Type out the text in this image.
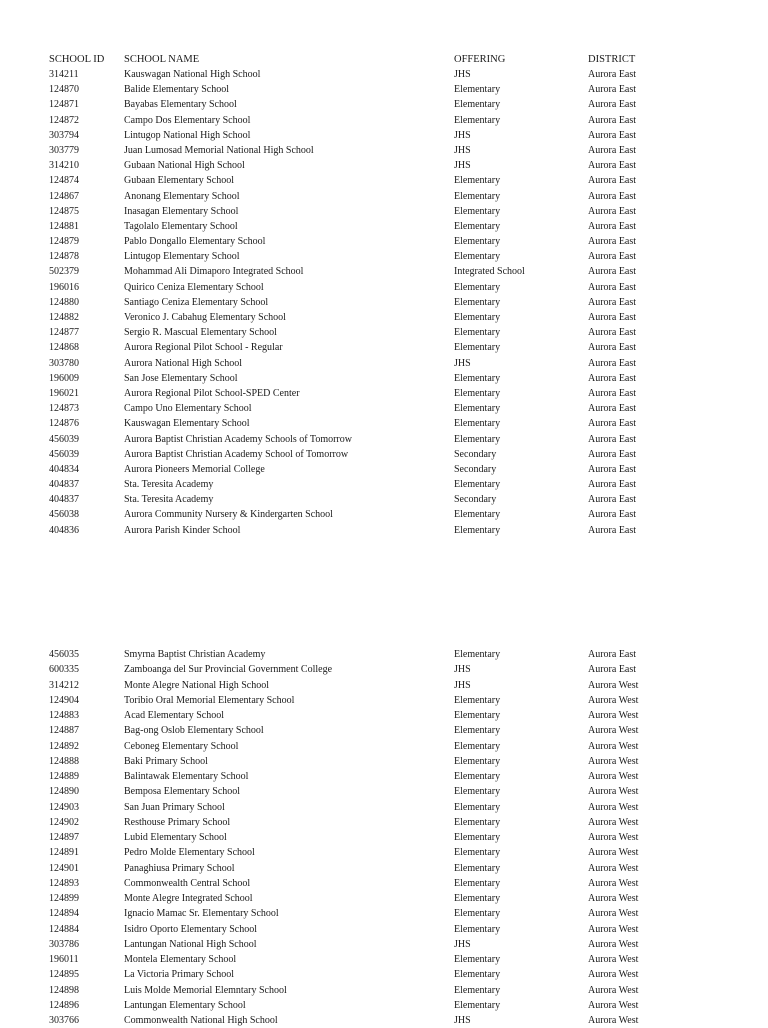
SCHOOL ID	SCHOOL NAME	OFFERING	DISTRICT
314211	Kauswagan National High School	JHS	Aurora East
124870	Balide Elementary School	Elementary	Aurora East
124871	Bayabas Elementary School	Elementary	Aurora East
124872	Campo Dos Elementary School	Elementary	Aurora East
303794	Lintugop National High School	JHS	Aurora East
303779	Juan Lumosad Memorial National High School	JHS	Aurora East
314210	Gubaan National High School	JHS	Aurora East
124874	Gubaan Elementary School	Elementary	Aurora East
124867	Anonang Elementary School	Elementary	Aurora East
124875	Inasagan Elementary School	Elementary	Aurora East
124881	Tagolalo Elementary School	Elementary	Aurora East
124879	Pablo Dongallo Elementary School	Elementary	Aurora East
124878	Lintugop Elementary School	Elementary	Aurora East
502379	Mohammad Ali Dimaporo Integrated School	Integrated School	Aurora East
196016	Quirico Ceniza Elementary School	Elementary	Aurora East
124880	Santiago Ceniza Elementary School	Elementary	Aurora East
124882	Veronico J. Cabahug Elementary School	Elementary	Aurora East
124877	Sergio R. Mascual Elementary School	Elementary	Aurora East
124868	Aurora Regional Pilot School - Regular	Elementary	Aurora East
303780	Aurora National High School	JHS	Aurora East
196009	San Jose Elementary School	Elementary	Aurora East
196021	Aurora Regional Pilot School-SPED Center	Elementary	Aurora East
124873	Campo Uno Elementary School	Elementary	Aurora East
124876	Kauswagan Elementary School	Elementary	Aurora East
456039	Aurora Baptist Christian Academy Schools of Tomorrow	Elementary	Aurora East
456039	Aurora Baptist Christian Academy School of Tomorrow	Secondary	Aurora East
404834	Aurora Pioneers Memorial College	Secondary	Aurora East
404837	Sta. Teresita Academy	Elementary	Aurora East
404837	Sta. Teresita Academy	Secondary	Aurora East
456038	Aurora Community Nursery & Kindergarten School	Elementary	Aurora East
404836	Aurora Parish Kinder School	Elementary	Aurora East
456035	Smyrna Baptist Christian Academy	Elementary	Aurora East
600335	Zamboanga del Sur Provincial Government College	JHS	Aurora East
314212	Monte Alegre National High School	JHS	Aurora West
124904	Toribio Oral Memorial Elementary School	Elementary	Aurora West
124883	Acad Elementary School	Elementary	Aurora West
124887	Bag-ong Oslob Elementary School	Elementary	Aurora West
124892	Ceboneg Elementary School	Elementary	Aurora West
124888	Baki Primary School	Elementary	Aurora West
124889	Balintawak Elementary School	Elementary	Aurora West
124890	Bemposa Elementary School	Elementary	Aurora West
124903	San Juan Primary School	Elementary	Aurora West
124902	Resthouse Primary School	Elementary	Aurora West
124897	Lubid Elementary School	Elementary	Aurora West
124891	Pedro Molde Elementary School	Elementary	Aurora West
124901	Panaghiusa Primary School	Elementary	Aurora West
124893	Commonwealth Central School	Elementary	Aurora West
124899	Monte Alegre Integrated School	Elementary	Aurora West
124894	Ignacio Mamac Sr. Elementary School	Elementary	Aurora West
124884	Isidro Oporto Elementary School	Elementary	Aurora West
303786	Lantungan National High School	JHS	Aurora West
196011	Montela Elementary School	Elementary	Aurora West
124895	La Victoria Primary School	Elementary	Aurora West
124898	Luis Molde Memorial Elemntary School	Elementary	Aurora West
124896	Lantungan Elementary School	Elementary	Aurora West
303766	Commonwealth National High School	JHS	Aurora West
